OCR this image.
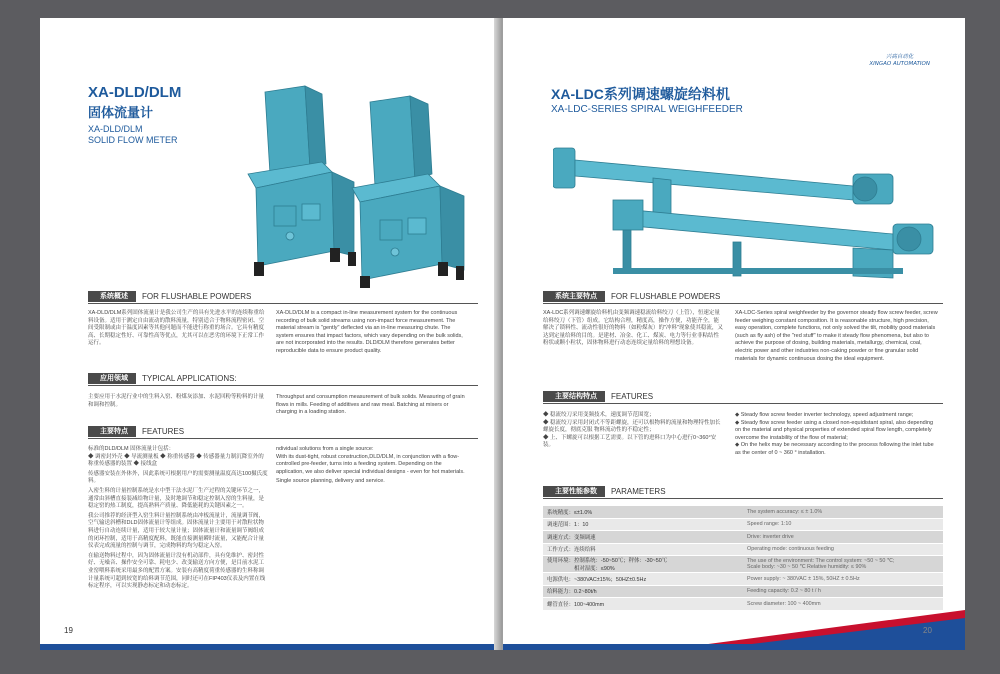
XA-DLD/DLM
固体流量计
XA-DLD/DLM
SOLID FLOW METER
系统概述	FOR FLUSHABLE POWDERS
XA-DLD/DLM系列固体流量计是我公司生产的具有先进水平的连续称重给料设备。适用于测定自由流动的散料流量，特别适合于物料流程密闭、空间受限制或由于温度因素等其他问题而不能进行称重的场合。它具有精度高、长期稳定性好、可靠性高等优点，尤其可以在恶劣的环境下正常工作运行。
XA-DLD/DLM is a compact in-line measurement system for the continuous recording of bulk solid streams using non-impact force measurement. The material stream is "gently" deflected via an in-line measuring chute. The system ensures that impact factors, which vary depending on the bulk solids, are not incorporated into the results. DLD/DLM therefore generates better reproducible data to ensure product quality.
应用领域	TYPICAL APPLICATIONS:
主要应用于水泥行业中的生料入窑、粉煤灰添加、水泥回粉等粉料的计量和调和控制。
Throughput and consumption measurement of bulk solids. Measuring of grain flows in mills. Feeding of additives and raw meal. Batching at mixers or charging in a loading station.
主要特点	FEATURES
标准的DLD/DLM 固体流量计包括：
◆ 调密封外壳 ◆ 导流测量板 ◆ 称重传感器 ◆ 传感器量力制沉降室外的称重传感器的装置 ◆ 接线盒
传感器安装在外体外，因此系统可根据用户的需要测量温度高达100摄氏度料。
入密生料的计量控制系统是水中型干法水泥厂生产过程的关键环节之一，通常由斜槽直接装减给物计量，及时地调节和稳定控制入窑的生料量，是稳定窑的热工制度，提高熟料产质量、降低能耗的关键因素之一。
我公司推荐的经济型入窑生料计量控制系统由冲板流量计，流量调节阀，空气输送斜槽和DLD固体流量计等组成。固体流量计主要用于对散粒状物料进行自动连续计量，适用于较大量计量；固体流量计和流量调节阀组成的闭环控制，适用于高精度配料，既能直接测量瞬时流量，又能配合计量仪表完成流量的控制与调节，完成物料的均匀稳定入窑。
在输送物料过程中，因为固体流量计没有机动部件，具有免维护、密封性好、无噪音、操作安全可靠、耗电少、改变输送方向方便，是目前水泥工业窑喂料系统采用最多的配置方案。安装有高精度荷重传感器的生料称调计量系统可超到较宽的给料调节范围，同时还可在FIP403仪表及内置在线标定程序，可以实现静态标定和动态标定。
ndividual solutions from a single source:
With its dust-tight, robust construction,DLD/DLM, in conjunction with a flow-controlled pre-feeder, turns into a feeding system. Depending on the application, we also deliver special individual designs - even for hot materials.
Single source planning, delivery and service.
19
兴高自动化
XINGAO AUTOMATION
XA-LDC系列调速螺旋给料机
XA-LDC-SERIES SPIRAL WEIGHFEEDER
系统主要特点	FOR FLUSHABLE POWDERS
XA-LDC系列调速螺旋给料机由变频调速稳流给料绞刀（上管），恒速定量给料绞刀（下管）组成。它结构合理，精度高，操作方便，功能齐全，能解决了锁料性、流动性很好的物料（如粉煤灰）的"冲料"现象使其稳流，又达到定量给料的目的。是建材、冶金、化工、煤炭、电力等行业非粘结性粉状或颗小粒状，固体物料进行动态连续定量给料的理想设备。
XA-LDC-Series spiral weighfeeder by the governor steady flow screw feeder, screw feeder weighing constant composition. It is reasonable structure, high precision, easy operation, complete functions, not only solved the tilt, mobility good materials (such as fly ash) of the "red stuff" to make it steady flow phenomena, but also to achieve the purpose of dosing, building materials, metallurgy, chemical, coal, electric power and other industries non-caking powder or fine granular solid materials for dynamic continuous dosing the ideal equipment.
主要结构特点	FEATURES
◆ 稳流绞刀采用变频技术，速度调节范围宽；
◆ 稳流绞刀采用封闭式不等距螺旋，还可以根物料的流量和物理特性加长螺旋长度，彻底克服 物料流动性的不稳定性；
◆ 上、下螺旋可以根据工艺需要。以下管的进料口为中心进行0~360°安装。
◆ Steady flow screw feeder inverter technology, speed adjustment range;
◆ Steady flow screw feeder using a closed non-equidistant spiral, also depending on the material and physical properties of extended spiral flow length, completely overcome the instability of the flow of material;
◆ On the helix may be necessary according to the process following the inlet tube as the center of 0 ~ 360 ° installation.
主要性能参数	PARAMETERS
系统精度：≤±1.0%	The system accuracy: ≤ ± 1.0%
调速范围：1：10	Speed range: 1:10
调速方式：变频调速	Drive: inverter drive
工作方式：连续给料	Operating mode: continuous feeding
使用环境：控制系统：-50~50℃；秤体：-30~50℃
　　　　　相对湿度：≤90%	The use of the environment: The control system: ~50 ~ 50 ℃;
Scale body: ~30 ~ 50 ℃ Relative humidity: ≤ 90%
电源供电：~380VAC±15%；50HZ±0.5Hz	Power supply: ~ 380VAC ± 15%, 50HZ ± 0.5Hz
给料能力：0.2~80t/h	Feeding capacity: 0.2 ~ 80 t / h
螺管直径：100~400mm	Screw diameter: 100 ~ 400mm
20
